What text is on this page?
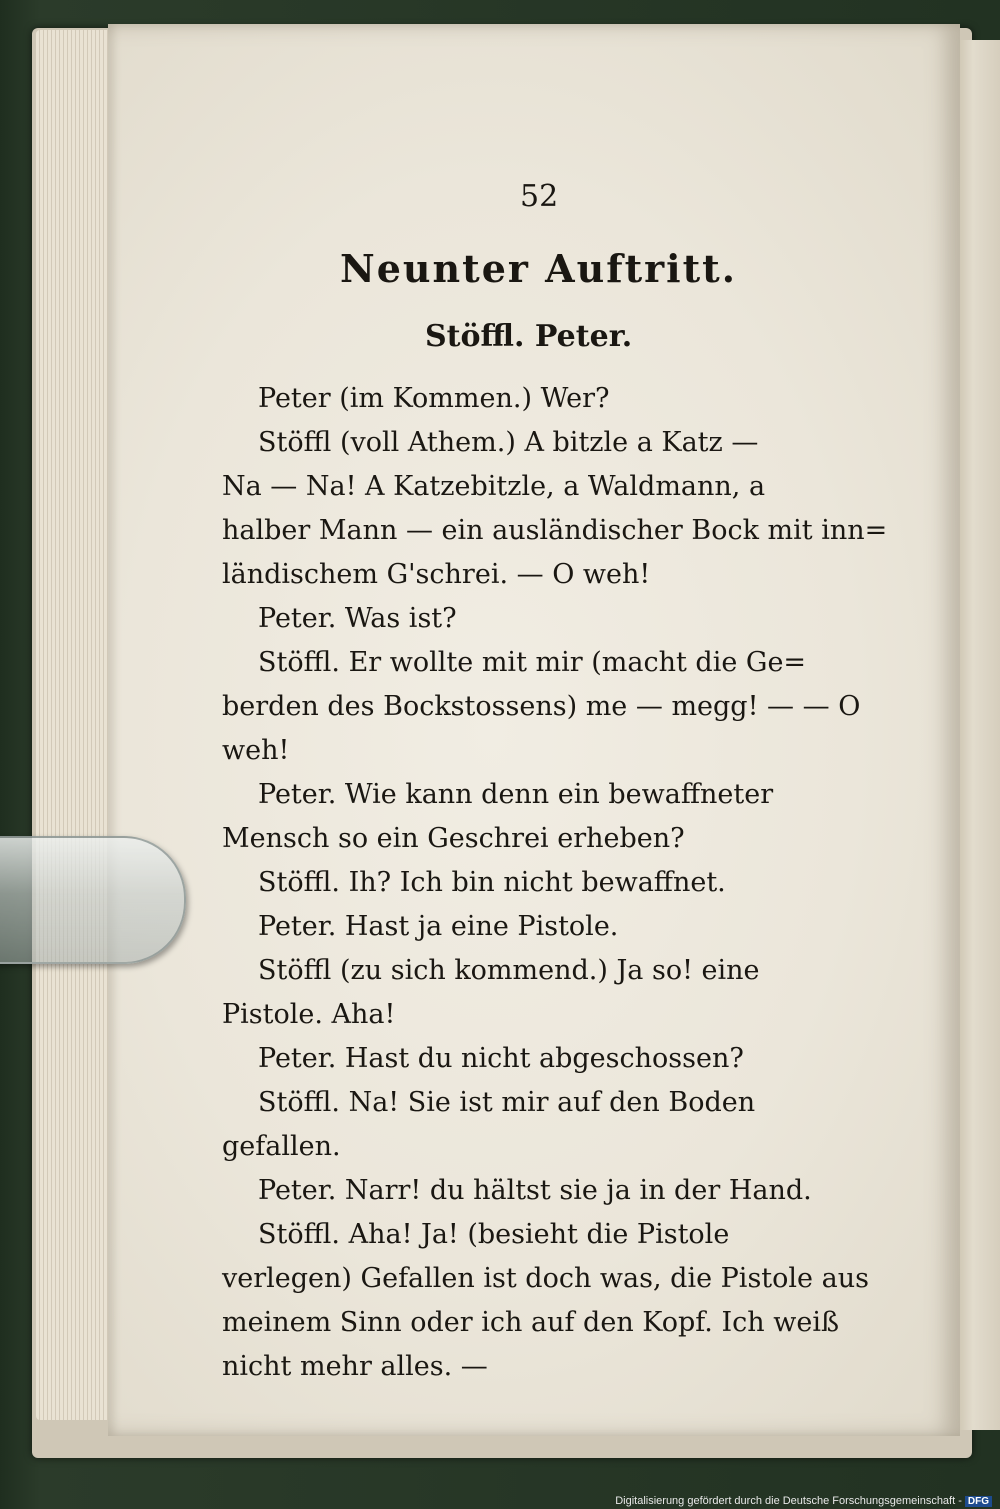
52
Neunter Auftritt.
Stöffl. Peter.
Peter (im Kommen.) Wer?
Stöffl (voll Athem.) A bitzle a Katz —
Na — Na! A Katzebitzle, a Waldmann, a
halber Mann — ein ausländischer Bock mit inn=
ländischem G'schrei. — O weh!
Peter. Was ist?
Stöffl. Er wollte mit mir (macht die Ge=
berden des Bockstossens) me — megg! — — O
weh!
Peter. Wie kann denn ein bewaffneter
Mensch so ein Geschrei erheben?
Stöffl. Ih? Ich bin nicht bewaffnet.
Peter. Hast ja eine Pistole.
Stöffl (zu sich kommend.) Ja so! eine
Pistole. Aha!
Peter. Hast du nicht abgeschossen?
Stöffl. Na! Sie ist mir auf den Boden
gefallen.
Peter. Narr! du hältst sie ja in der Hand.
Stöffl. Aha! Ja! (besieht die Pistole
verlegen) Gefallen ist doch was, die Pistole aus
meinem Sinn oder ich auf den Kopf. Ich weiß
nicht mehr alles. —
Digitalisierung gefördert durch die Deutsche Forschungsgemeinschaft - DFG
